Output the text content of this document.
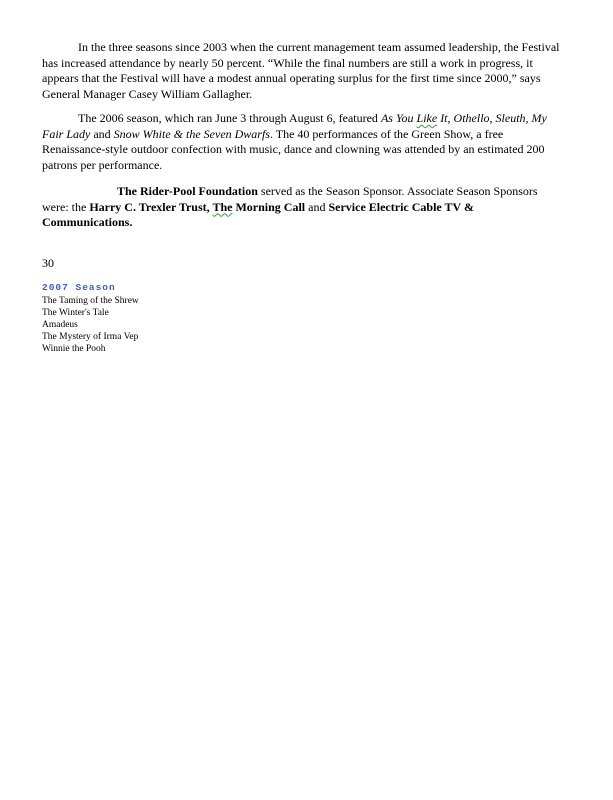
In the three seasons since 2003 when the current management team assumed leadership, the Festival has increased attendance by nearly 50 percent. “While the final numbers are still a work in progress, it appears that the Festival will have a modest annual operating surplus for the first time since 2000,” says General Manager Casey William Gallagher.

The 2006 season, which ran June 3 through August 6, featured As You Like It, Othello, Sleuth, My Fair Lady and Snow White & the Seven Dwarfs. The 40 performances of the Green Show, a free Renaissance-style outdoor confection with music, dance and clowning was attended by an estimated 200 patrons per performance.

The Rider-Pool Foundation served as the Season Sponsor. Associate Season Sponsors were: the Harry C. Trexler Trust, The Morning Call and Service Electric Cable TV & Communications.

30
2007 Season
The Taming of the Shrew
The Winter's Tale
Amadeus
The Mystery of Irma Vep
Winnie the Pooh
